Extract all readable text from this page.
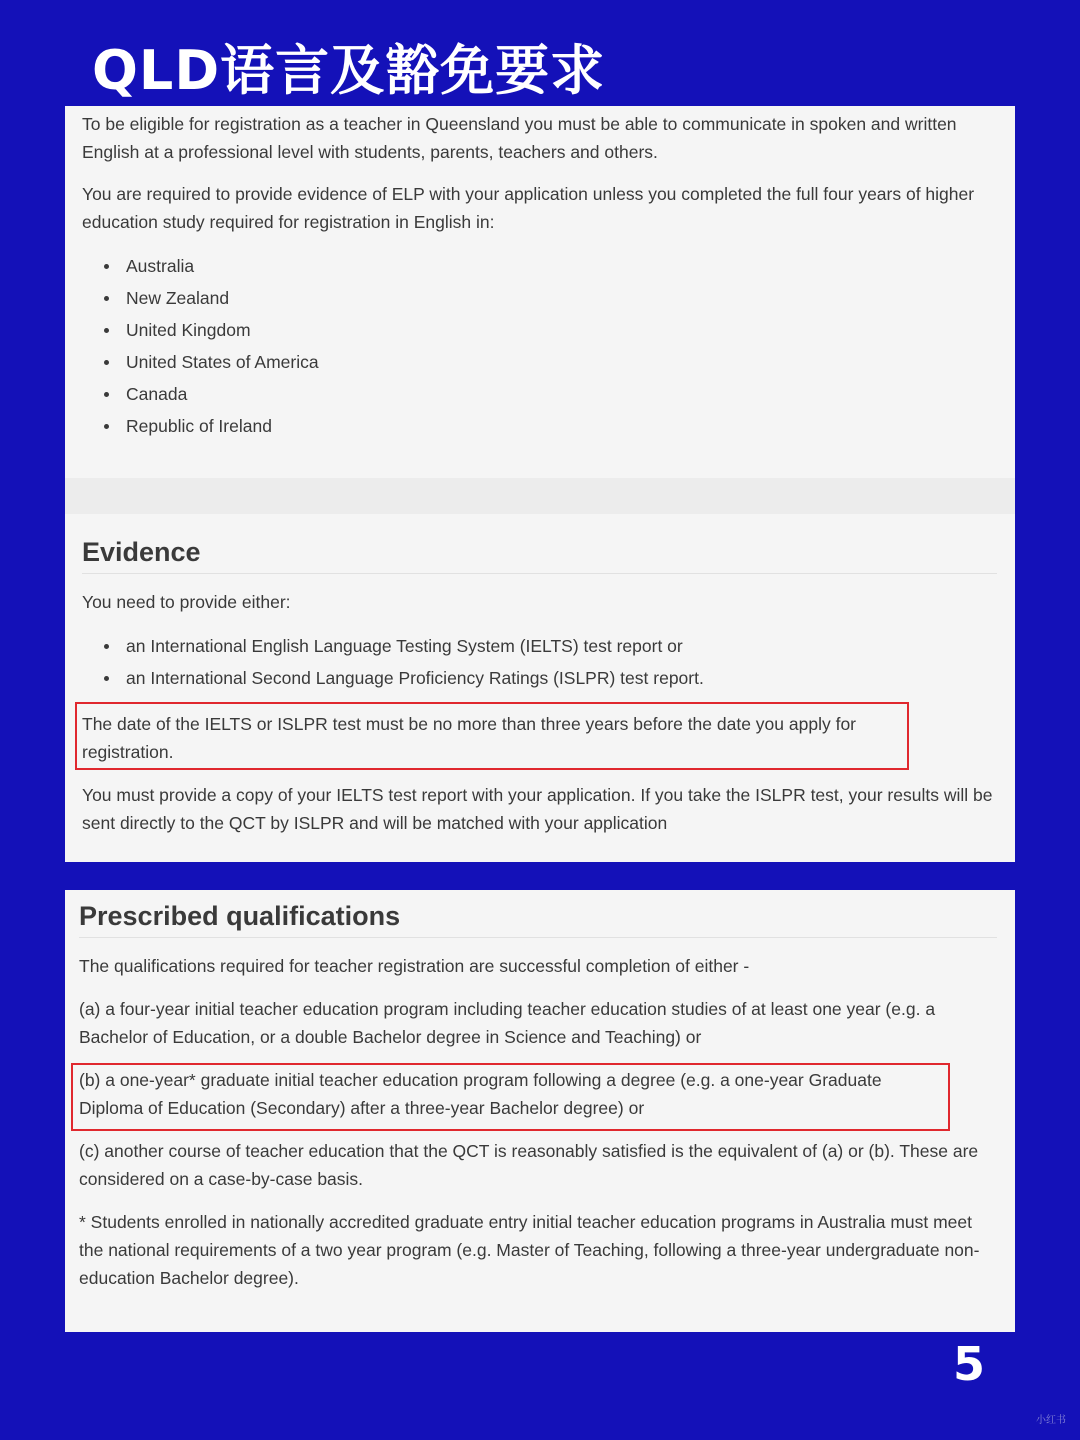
QLD语言及豁免要求

To be eligible for registration as a teacher in Queensland you must be able to communicate in spoken and written English at a professional level with students, parents, teachers and others.

You are required to provide evidence of ELP with your application unless you completed the full four years of higher education study required for registration in English in:

Australia
New Zealand
United Kingdom
United States of America
Canada
Republic of Ireland
Evidence

You need to provide either:

an International English Language Testing System (IELTS) test report or
an International Second Language Proficiency Ratings (ISLPR) test report.

The date of the IELTS or ISLPR test must be no more than three years before the date you apply for registration.

You must provide a copy of your IELTS test report with your application. If you take the ISLPR test, your results will be sent directly to the QCT by ISLPR and will be matched with your application

Prescribed qualifications

The qualifications required for teacher registration are successful completion of either -

(a) a four-year initial teacher education program including teacher education studies of at least one year (e.g. a Bachelor of Education, or a double Bachelor degree in Science and Teaching) or

(b) a one-year* graduate initial teacher education program following a degree (e.g. a one-year Graduate Diploma of Education (Secondary) after a three-year Bachelor degree) or

(c) another course of teacher education that the QCT is reasonably satisfied is the equivalent of (a) or (b). These are considered on a case-by-case basis.

* Students enrolled in nationally accredited graduate entry initial teacher education programs in Australia must meet the national requirements of a two year program (e.g. Master of Teaching, following a three-year undergraduate non-education Bachelor degree).

5
小红书
